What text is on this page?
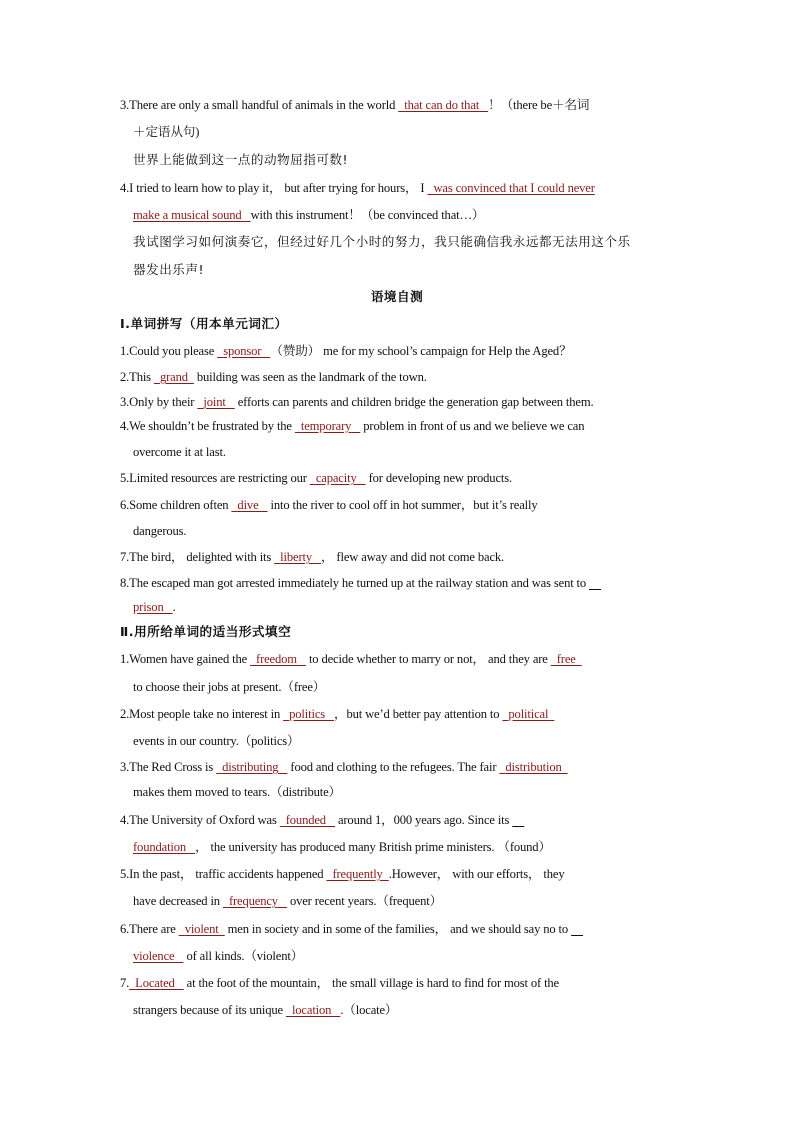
3.There are only a small handful of animals in the world   that can do that ！（there be＋名词
＋定语从句)
世界上能做到这一点的动物屈指可数!
4.I tried to learn how to play it， but after trying for hours， I   was convinced that I could never
make a musical sound with this instrument！（be convinced that…）
我试图学习如何演奏它，但经过好几个小时的努力，我只能确信我永远都无法用这个乐
器发出乐声!
语境自测
Ⅰ.单词拼写（用本单元词汇）
1.Could you please   sponsor （赞助） me for my school’s campaign for Help the Aged？
2.This   grand   building was seen as the landmark of the town.
3.Only by their   joint    efforts can parents and children bridge the generation gap between them.
4.We shouldn’t be frustrated by the   temporary    problem in front of us and we believe we can
overcome it at last.
5.Limited resources are restricting our   capacity    for developing new products.
6.Some children often   dive    into the river to cool off in hot summer，but it’s really
dangerous.
7.The bird， delighted with its   liberty ， flew away and did not come back.
8.The escaped man got arrested immediately he turned up at the railway station and was sent to
prison .
Ⅱ.用所给单词的适当形式填空
1.Women have gained the   freedom    to decide whether to marry or not， and they are   free
to choose their jobs at present.（free）
2.Most people take no interest in   politics ，but we’d better pay attention to   political
events in our country.（politics）
3.The Red Cross is   distributing    food and clothing to the refugees. The fair   distribution
makes them moved to tears.（distribute）
4.The University of Oxford was   founded    around 1，000 years ago. Since its
foundation ， the university has produced many British prime ministers. （found）
5.In the past， traffic accidents happened   frequently .However， with our efforts， they
have decreased in   frequency    over recent years.（frequent）
6.There are   violent   men in society and in some of the families， and we should say no to
violence    of all kinds.（violent）
7. Located    at the foot of the mountain， the small village is hard to find for most of the
strangers because of its unique   location .（locate）
